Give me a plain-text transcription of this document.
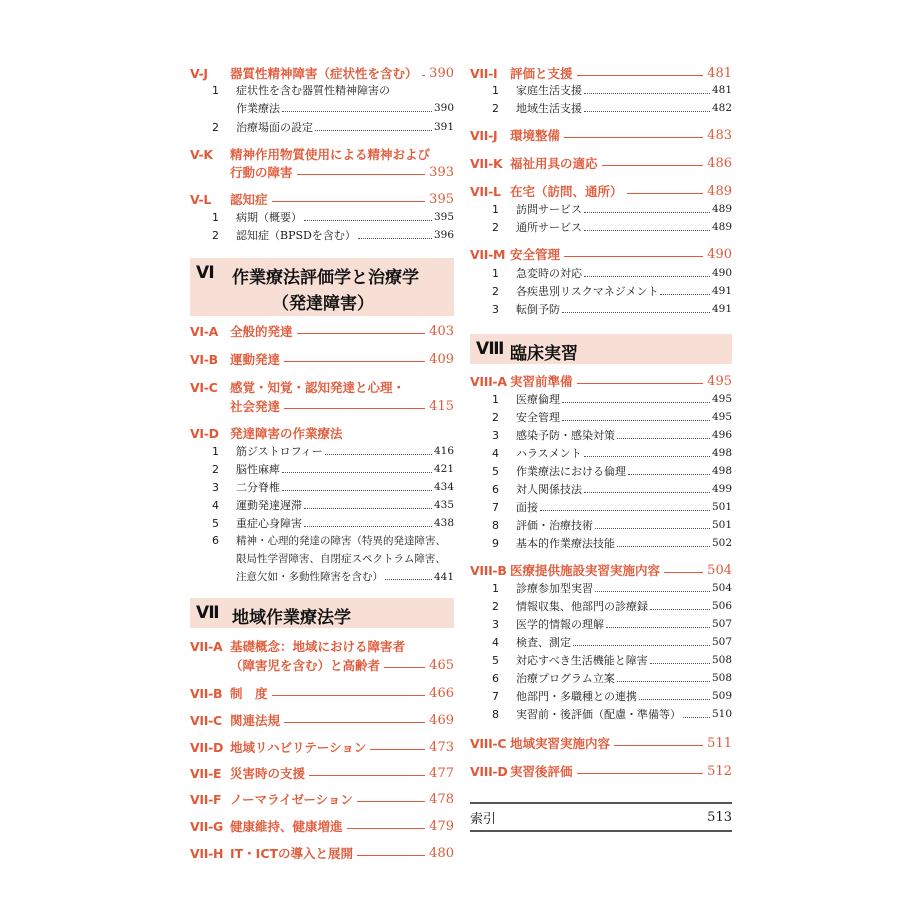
V-J	器質性精神障害（症状性を含む） 390
1	症状性を含む器質性精神障害の
作業療法	390
2	治療場面の設定	391
V-K	精神作用物質使用による精神および
行動の障害	393
V-L	認知症	395
1	病期（概要）	395
2	認知症（BPSDを含む）	396
Ⅵ 作業療法評価学と治療学
（発達障害）
VI-A 全般的発達	403
VI-B 運動発達	409
VI-C	感覚・知覚・認知発達と心理・
社会発達	415
VI-D 発達障害の作業療法
1	筋ジストロフィー	416
2	脳性麻痺	421
3	二分脊椎	434
4	運動発達遅滞	435
5	重症心身障害	438
6	精神・心理的発達の障害（特異的発達障害、
限局性学習障害、自閉症スペクトラム障害、
注意欠如・多動性障害を含む）	441
Ⅶ 地域作業療法学
VII-A 基礎概念：地域における障害者
（障害児を含む）と高齢者	465
VII-B 制　度	466
VII-C 関連法規	469
VII-D 地域リハビリテーション	473
VII-E 災害時の支援	477
VII-F ノーマライゼーション	478
VII-G 健康維持、健康増進	479
VII-H IT・ICTの導入と展開	480
VII-I	評価と支援	481
1	家庭生活支援	481
2	地域生活支援	482
VII-J	環境整備	483
VII-K 福祉用具の適応	486
VII-L 在宅（訪問、通所）	489
1	訪問サービス	489
2	通所サービス	489
VII-M 安全管理	490
1	急変時の対応	490
2	各疾患別リスクマネジメント	491
3	転倒予防	491
Ⅷ 臨床実習
VIII-A 実習前準備	495
1	医療倫理	495
2	安全管理	495
3	感染予防・感染対策	496
4	ハラスメント	498
5	作業療法における倫理	498
6	対人関係技法	499
7	面接	501
8	評価・治療技術	501
9	基本的作業療法技能	502
VIII-B 医療提供施設実習実施内容	504
1	診療参加型実習	504
2	情報収集、他部門の診療録	506
3	医学的情報の理解	507
4	検査、測定	507
5	対応すべき生活機能と障害	508
6	治療プログラム立案	508
7	他部門・多職種との連携	509
8	実習前・後評価（配慮・準備等）	510
VIII-C 地域実習実施内容	511
VIII-D 実習後評価	512
索引	513
